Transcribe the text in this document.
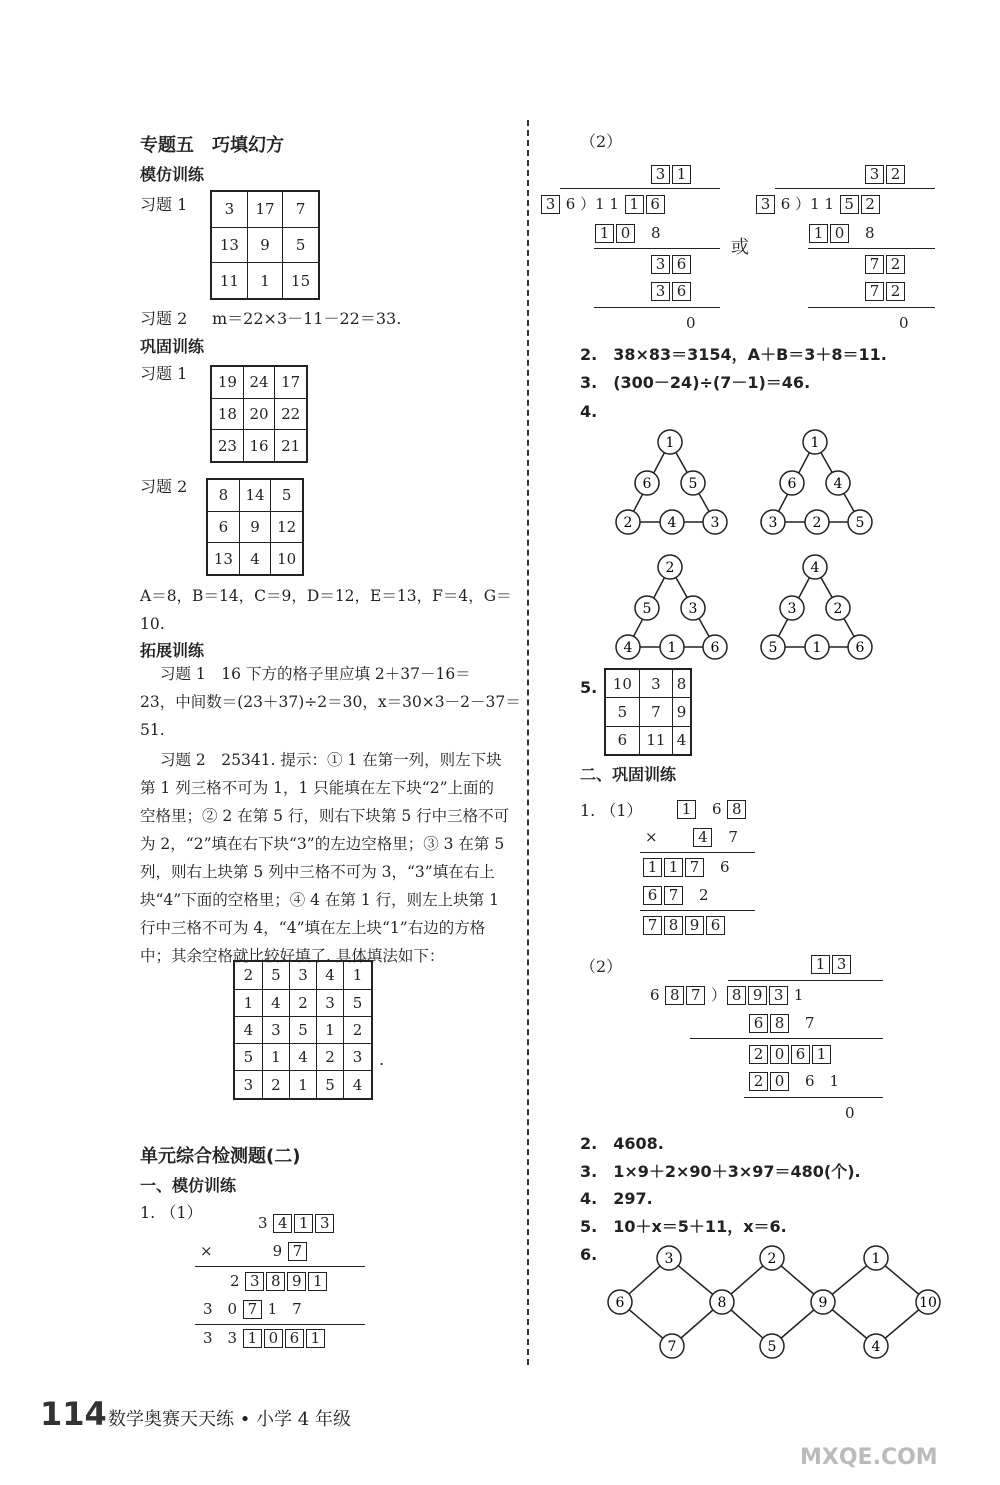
专题五　巧填幻方
模仿训练
习题 1 3	17	7
13	9	5
11	1	15
习题 2 m＝22×3－11－22＝33.
巩固训练
习题 1 19	24	17
18	20	22
23	16	21
习题 2 8	14	5
6	9	12
13	4	10
A＝8，B＝14，C＝9，D＝12，E＝13，F＝4，G＝
10.
拓展训练
习题 1　16 下方的格子里应填 2＋37－16＝
23，中间数＝(23＋37)÷2＝30，x＝30×3－2－37＝
51.
习题 2　25341. 提示：① 1 在第一列，则左下块
第 1 列三格不可为 1，1 只能填在左下块“2”上面的
空格里；② 2 在第 5 行，则右下块第 5 行中三格不可
为 2，“2”填在右下块“3”的左边空格里；③ 3 在第 5
列，则右上块第 5 列中三格不可为 3，“3”填在右上
块“4”下面的空格里；④ 4 在第 1 行，则左上块第 1
行中三格不可为 4，“4”填在左上块“1”右边的方格
中；其余空格就比较好填了. 具体填法如下：
2	5	3	4	1
1	4	2	3	5
4	3	5	1	2
5	1	4	2	3
3	2	1	5	4
.
单元综合检测题(二)
一、模仿训练
1. （1）
3 4 1 3
×　　　　9 7
2 3 8 9 1
3　0 7 1　7
3　3 1 0 6 1
（2）
3 1
3 6 ）1 1 1 6
1 0　8
3 6
3 6
0
或
3 2
3 6 ）1 1 5 2
1 0　8
7 2
7 2
0
2.　38×83＝3154，A＋B＝3＋8＝11.
3.　(300－24)÷(7－1)＝46.
4.
1
6	5
2	4 3
1
6	4
3	2 5
2
5	3
4	1 6
4
3	2
5	1 6
5. 10	3	8
5	7	9
6	11	4
二、巩固训练
1. （1）	1　6 8
×　　 4　7
1 1 7　6
6 7　2
7 8 9 6
（2）	1 3
6 8 7 ） 8 9 3 1
6 8　7
2 0 6 1
2 0　6　1
0
2.　4608.
3.　1×9＋2×90＋3×97＝480(个).
4.　297.
5.　10＋x＝5＋11，x＝6.
6.	3	2	1
6	8	9	10
7	5	4
114 数学奥赛天天练 • 小学 4 年级
MXQE.COM
